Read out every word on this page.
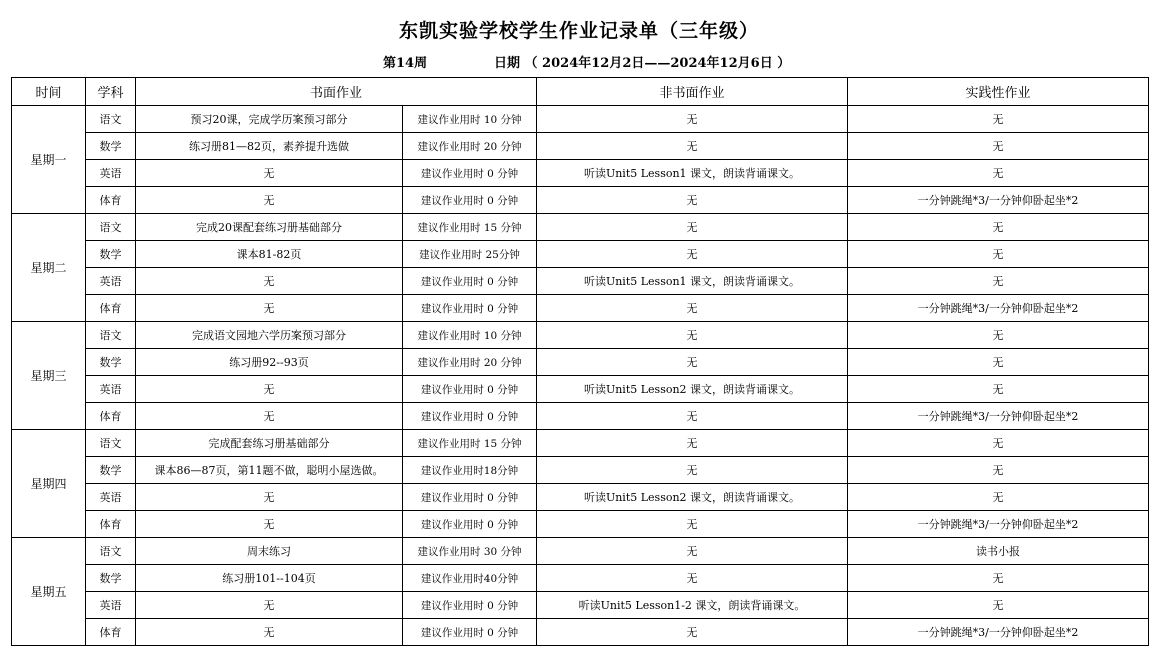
东凯实验学校学生作业记录单（三年级）
第14周	日期 （ 2024年12月2日——2024年12月6日 ）
时间	学科	书面作业		非书面作业	实践性作业
星期一	语文	预习20课，完成学历案预习部分	建议作业用时 10 分钟	无	无
	数学	练习册81—82页，素养提升选做	建议作业用时 20 分钟	无	无
	英语	无	建议作业用时 0 分钟	听读Unit5 Lesson1 课文，朗读背诵课文。	无
	体育	无	建议作业用时 0 分钟	无	一分钟跳绳*3/一分钟仰卧起坐*2
星期二	语文	完成20课配套练习册基础部分	建议作业用时 15 分钟	无	无
	数学	课本81-82页	建议作业用时 25分钟	无	无
	英语	无	建议作业用时 0 分钟	听读Unit5 Lesson1 课文，朗读背诵课文。	无
	体育	无	建议作业用时 0 分钟	无	一分钟跳绳*3/一分钟仰卧起坐*2
星期三	语文	完成语文园地六学历案预习部分	建议作业用时 10 分钟	无	无
	数学	练习册92--93页	建议作业用时 20 分钟	无	无
	英语	无	建议作业用时 0 分钟	听读Unit5 Lesson2 课文，朗读背诵课文。	无
	体育	无	建议作业用时 0 分钟	无	一分钟跳绳*3/一分钟仰卧起坐*2
星期四	语文	完成配套练习册基础部分	建议作业用时 15 分钟	无	无
	数学	课本86—87页，第11题不做，聪明小屋选做。	建议作业用时18分钟	无	无
	英语	无	建议作业用时 0 分钟	听读Unit5 Lesson2 课文，朗读背诵课文。	无
	体育	无	建议作业用时 0 分钟	无	一分钟跳绳*3/一分钟仰卧起坐*2
星期五	语文	周末练习	建议作业用时 30 分钟	无	读书小报
	数学	练习册101--104页	建议作业用时40分钟	无	无
	英语	无	建议作业用时 0 分钟	听读Unit5 Lesson1-2 课文，朗读背诵课文。	无
	体育	无	建议作业用时 0 分钟	无	一分钟跳绳*3/一分钟仰卧起坐*2
